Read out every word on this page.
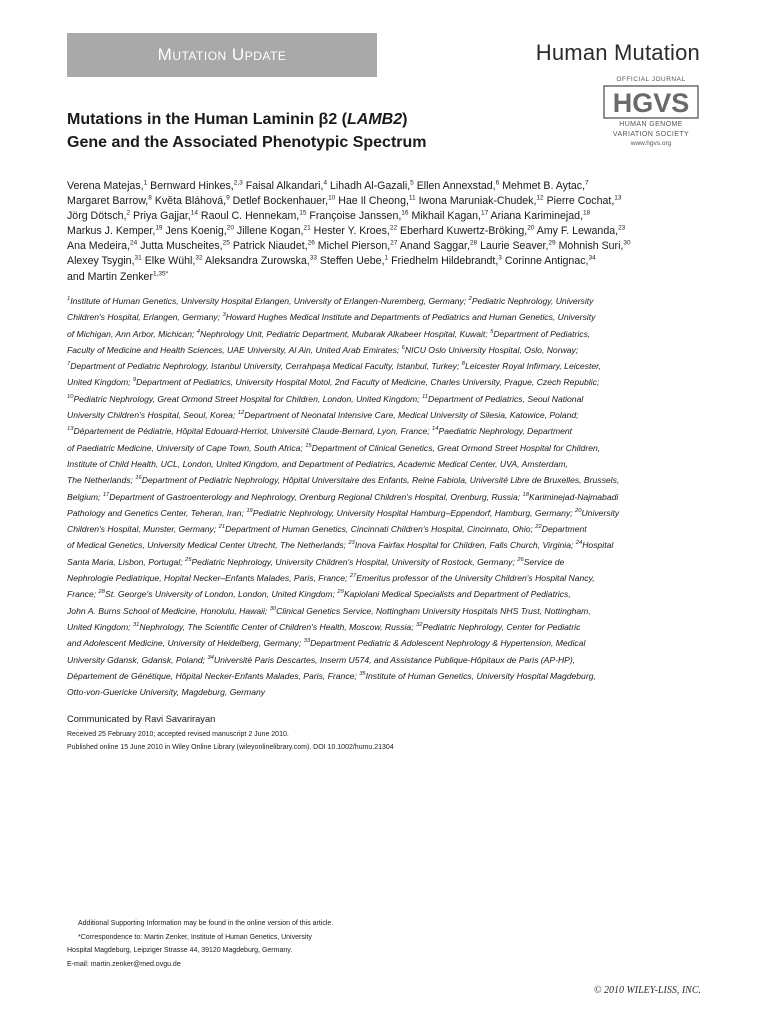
Mutation Update	Human Mutation
OFFICIAL JOURNAL
HGVS
HUMAN GENOME
VARIATION SOCIETY
www.hgvs.org
Mutations in the Human Laminin β2 (LAMB2)
Gene and the Associated Phenotypic Spectrum
Verena Matejas,$^1$ Bernward Hinkes,$^{2,3}$ Faisal Alkandari,$^4$ Lihadh Al-Gazali,$^5$ Ellen Annexstad,$^6$ Mehmet B. Aytac,$^7$
Margaret Barrow,$^8$ Květa Bláhová,$^9$ Detlef Bockenhauer,$^{10}$ Hae Il Cheong,$^{11}$ Iwona Maruniak-Chudek,$^{12}$ Pierre Cochat,$^{13}$
Jörg Dötsch,$^2$ Priya Gajjar,$^{14}$ Raoul C. Hennekam,$^{15}$ Françoise Janssen,$^{16}$ Mikhail Kagan,$^{17}$ Ariana Kariminejad,$^{18}$
Markus J. Kemper,$^{19}$ Jens Koenig,$^{20}$ Jillene Kogan,$^{21}$ Hester Y. Kroes,$^{22}$ Eberhard Kuwertz-Bröking,$^{20}$ Amy F. Lewanda,$^{23}$
Ana Medeira,$^{24}$ Jutta Muscheites,$^{25}$ Patrick Niaudet,$^{26}$ Michel Pierson,$^{27}$ Anand Saggar,$^{28}$ Laurie Seaver,$^{29}$ Mohnish Suri,$^{30}$
Alexey Tsygin,$^{31}$ Elke Wühl,$^{32}$ Aleksandra Zurowska,$^{33}$ Steffen Uebe,$^1$ Friedhelm Hildebrandt,$^3$ Corinne Antignac,$^{34}$
and Martin Zenker$^{1,35*}$
$^1$Institute of Human Genetics, University Hospital Erlangen, University of Erlangen-Nuremberg, Germany; $^2$Pediatric Nephrology, University
Children's Hospital, Erlangen, Germany; $^3$Howard Hughes Medical Institute and Departments of Pediatrics and Human Genetics, University
of Michigan, Ann Arbor, Michican; $^4$Nephrology Unit, Pediatric Department, Mubarak Alkabeer Hospital, Kuwait; $^5$Department of Pediatrics,
Faculty of Medicine and Health Sciences, UAE University, Al Ain, United Arab Emirates; $^6$NICU Oslo University Hospital, Oslo, Norway;
$^7$Department of Pediatric Nephrology, Istanbul University, Cerrahpaşa Medical Faculty, Istanbul, Turkey; $^8$Leicester Royal Infirmary, Leicester,
United Kingdom; $^9$Department of Pediatrics, University Hospital Motol, 2nd Faculty of Medicine, Charles University, Prague, Czech Republic;
$^{10}$Pediatric Nephrology, Great Ormond Street Hospital for Children, London, United Kingdom; $^{11}$Department of Pediatrics, Seoul National
University Children's Hospital, Seoul, Korea; $^{12}$Department of Neonatal Intensive Care, Medical University of Silesia, Katowice, Poland;
$^{13}$Département de Pédiatrie, Hôpital Edouard-Herriot, Université Claude-Bernard, Lyon, France; $^{14}$Paediatric Nephrology, Department
of Paediatric Medicine, University of Cape Town, South Africa; $^{15}$Department of Clinical Genetics, Great Ormond Street Hospital for Children,
Institute of Child Health, UCL, London, United Kingdom, and Department of Pediatrics, Academic Medical Center, UVA, Amsterdam,
The Netherlands; $^{16}$Department of Pediatric Nephrology, Hôpital Universitaire des Enfants, Reine Fabiola, Université Libre de Bruxelles, Brussels,
Belgium; $^{17}$Department of Gastroenterology and Nephrology, Orenburg Regional Children's Hospital, Orenburg, Russia; $^{18}$Kariminejad-Najmabadi
Pathology and Genetics Center, Teheran, Iran; $^{19}$Pediatric Nephrology, University Hospital Hamburg–Eppendorf, Hamburg, Germany; $^{20}$University
Children's Hospital, Munster, Germany; $^{21}$Department of Human Genetics, Cincinnati Children's Hospital, Cincinnato, Ohio; $^{22}$Department
of Medical Genetics, University Medical Center Utrecht, The Netherlands; $^{23}$Inova Fairfax Hospital for Children, Falls Church, Virginia; $^{24}$Hospital
Santa Maria, Lisbon, Portugal; $^{25}$Pediatric Nephrology, University Children's Hospital, University of Rostock, Germany; $^{26}$Service de
Nephrologie Pediatrique, Hopital Necker–Enfants Malades, Paris, France; $^{27}$Emeritus professor of the University Children's Hospital Nancy,
France; $^{28}$St. George's University of London, London, United Kingdom; $^{29}$Kapiolani Medical Specialists and Department of Pediatrics,
John A. Burns School of Medicine, Honolulu, Hawaii; $^{30}$Clinical Genetics Service, Nottingham University Hospitals NHS Trust, Nottingham,
United Kingdom; $^{31}$Nephrology, The Scientific Center of Children's Health, Moscow, Russia; $^{32}$Pediatric Nephrology, Center for Pediatric
and Adolescent Medicine, University of Heidelberg, Germany; $^{33}$Department Pediatric & Adolescent Nephrology & Hypertension, Medical
University Gdansk, Gdansk, Poland; $^{34}$Université Paris Descartes, Inserm U574, and Assistance Publique-Hôpitaux de Paris (AP-HP),
Département de Génétique, Hôpital Necker-Enfants Malades, Paris, France; $^{35}$Institute of Human Genetics, University Hospital Magdeburg,
Otto-von-Guericke University, Magdeburg, Germany
Communicated by Ravi Savarirayan
Received 25 February 2010; accepted revised manuscript 2 June 2010.
Published online 15 June 2010 in Wiley Online Library (wileyonlinelibrary.com). DOI 10.1002/humu.21304
Additional Supporting Information may be found in the online version of this article.
*Correspondence to: Martin Zenker, Institute of Human Genetics, University
Hospital Magdeburg, Leipziger Strasse 44, 39120 Magdeburg, Germany.
E-mail: martin.zenker@med.ovgu.de
© 2010 WILEY-LISS, INC.
